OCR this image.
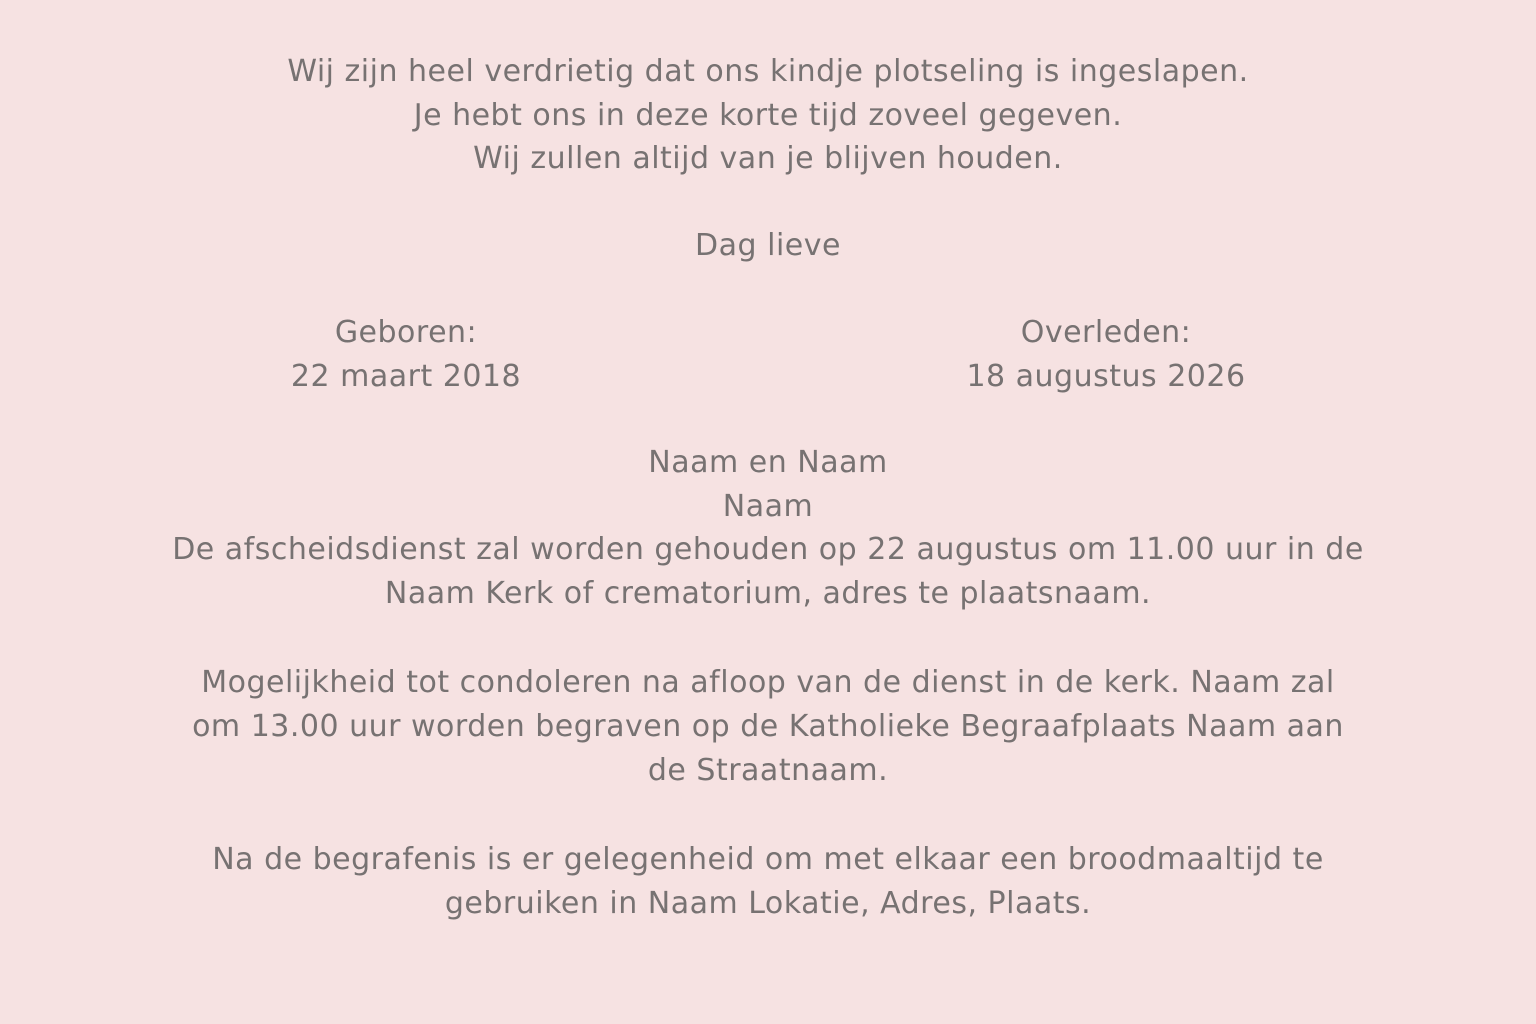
Wij zijn heel verdrietig dat ons kindje plotseling is ingeslapen.
Je hebt ons in deze korte tijd zoveel gegeven.
Wij zullen altijd van je blijven houden.
Dag lieve
Geboren:
22 maart 2018
Overleden:
18 augustus 2026
Naam en Naam
Naam
De afscheidsdienst zal worden gehouden op 22 augustus om 11.00 uur in de
Naam Kerk of crematorium, adres te plaatsnaam.
Mogelijkheid tot condoleren na afloop van de dienst in de kerk. Naam zal
om 13.00 uur worden begraven op de Katholieke Begraafplaats Naam aan
de Straatnaam.
Na de begrafenis is er gelegenheid om met elkaar een broodmaaltijd te
gebruiken in Naam Lokatie, Adres, Plaats.
